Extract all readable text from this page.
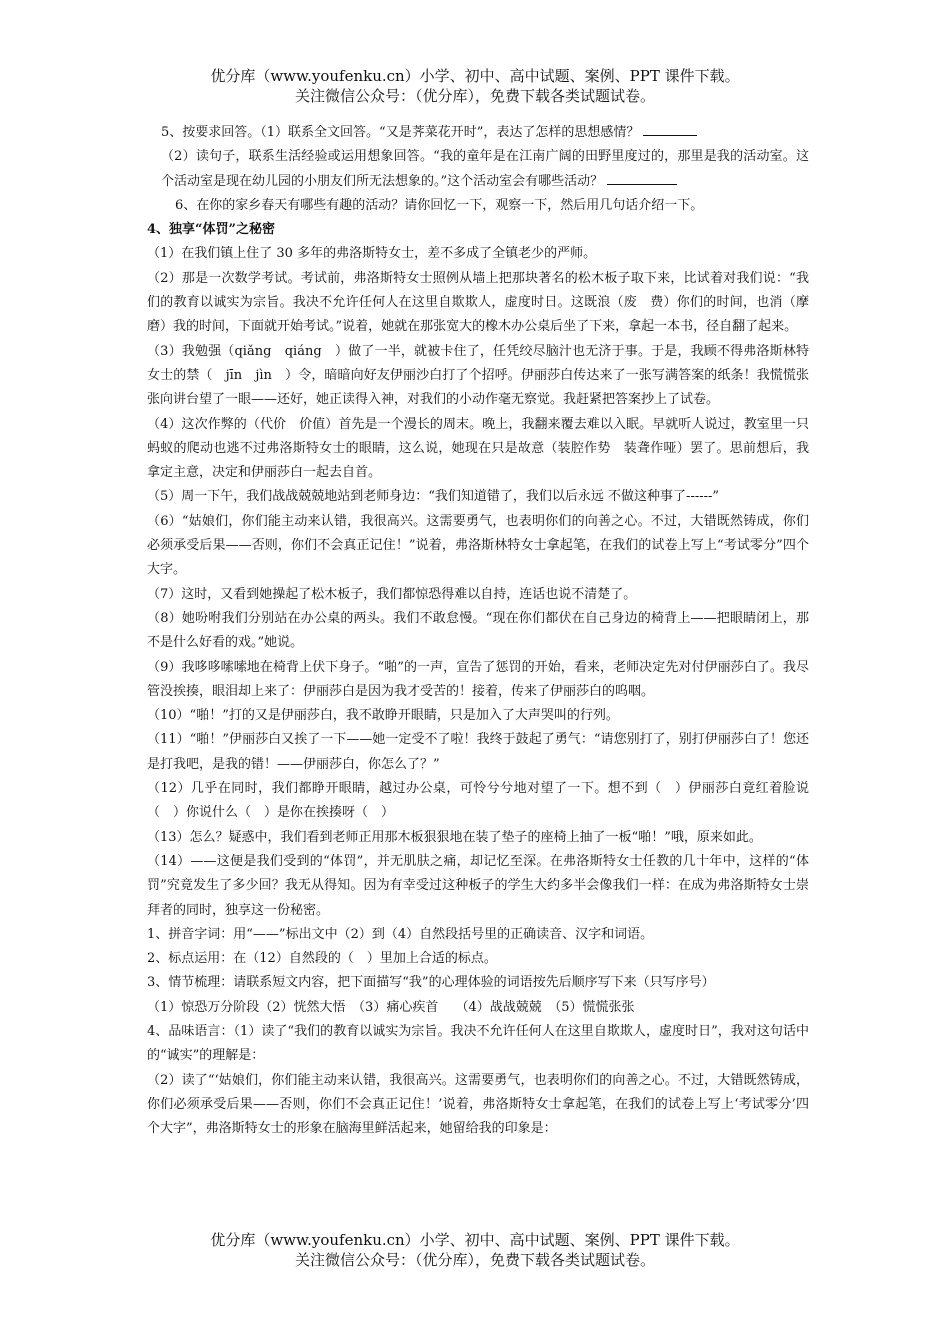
优分库（www.youfenku.cn）小学、初中、高中试题、案例、PPT 课件下载。
关注微信公众号：（优分库），免费下载各类试题试卷。

5、按要求回答。（1）联系全文回答。“又是荠菜花开时”，表达了怎样的思想感情？

（2）读句子，联系生活经验或运用想象回答。“我的童年是在江南广阔的田野里度过的，那里是我的活动室。这个活动室是现在幼儿园的小朋友们所无法想象的。”这个活动室会有哪些活动？

6、在你的家乡春天有哪些有趣的活动？请你回忆一下，观察一下，然后用几句话介绍一下。

4、独享“体罚”之秘密

（1）在我们镇上住了 30 多年的弗洛斯特女士，差不多成了全镇老少的严师。

（2）那是一次数学考试。考试前，弗洛斯特女士照例从墙上把那块著名的松木板子取下来，比试着对我们说：“我们的教育以诚实为宗旨。我决不允许任何人在这里自欺欺人，虚度时日。这既浪（废　费）你们的时间，也消（摩　磨）我的时间，下面就开始考试。”说着，她就在那张宽大的橡木办公桌后坐了下来，拿起一本书，径自翻了起来。

（3）我勉强（qiǎng　qiáng　）做了一半，就被卡住了，任凭绞尽脑汁也无济于事。于是，我顾不得弗洛斯林特女士的禁（　jīn　jìn　）令，暗暗向好友伊丽沙白打了个招呼。伊丽莎白传达来了一张写满答案的纸条！我慌慌张张向讲台望了一眼——还好，她正读得入神，对我们的小动作毫无察觉。我赶紧把答案抄上了试卷。

（4）这次作弊的（代价　价值）首先是一个漫长的周末。晚上，我翻来覆去难以入眠。早就听人说过，教室里一只蚂蚁的爬动也逃不过弗洛斯特女士的眼睛，这么说，她现在只是故意（装腔作势　装聋作哑）罢了。思前想后，我拿定主意，决定和伊丽莎白一起去自首。

（5）周一下午，我们战战兢兢地站到老师身边：“我们知道错了，我们以后永远 不做这种事了------”

（6）“姑娘们，你们能主动来认错，我很高兴。这需要勇气，也表明你们的向善之心。不过，大错既然铸成，你们必须承受后果——否则，你们不会真正记住！”说着，弗洛斯林特女士拿起笔，在我们的试卷上写上“考试零分”四个大字。

（7）这时，又看到她操起了松木板子，我们都惊恐得难以自持，连话也说不清楚了。

（8）她吩咐我们分别站在办公桌的两头。我们不敢怠慢。“现在你们都伏在自己身边的椅背上——把眼睛闭上，那不是什么好看的戏。”她说。

（9）我哆哆嗦嗦地在椅背上伏下身子。“啪”的一声，宣告了惩罚的开始，看来，老师决定先对付伊丽莎白了。我尽管没挨揍，眼泪却上来了：伊丽莎白是因为我才受苦的！接着，传来了伊丽莎白的呜咽。

（10）“啪！”打的又是伊丽莎白，我不敢睁开眼睛，只是加入了大声哭叫的行列。

（11）“啪！”伊丽莎白又挨了一下——她一定受不了啦！我终于鼓起了勇气：“请您别打了，别打伊丽莎白了！您还是打我吧，是我的错！——伊丽莎白，你怎么了？”

（12）几乎在同时，我们都睁开眼睛，越过办公桌，可怜兮兮地对望了一下。想不到（　）伊丽莎白竟红着脸说（　）你说什么（　）是你在挨揍呀（　）

（13）怎么？疑惑中，我们看到老师正用那木板狠狠地在装了垫子的座椅上抽了一板“啪！”哦，原来如此。

（14）——这便是我们受到的“体罚”，并无肌肤之痛，却记忆至深。在弗洛斯特女士任教的几十年中，这样的“体罚”究竟发生了多少回？我无从得知。因为有幸受过这种板子的学生大约多半会像我们一样：在成为弗洛斯特女士崇拜者的同时，独享这一份秘密。

1、拼音字词：用“——”标出文中（2）到（4）自然段括号里的正确读音、汉字和词语。

2、标点运用：在（12）自然段的（　）里加上合适的标点。

3、情节梳理：请联系短文内容，把下面描写“我”的心理体验的词语按先后顺序写下来（只写序号）

（1）惊恐万分阶段（2）恍然大悟　（3）痛心疾首　 （4）战战兢兢　（5）慌慌张张

4、品味语言：（1）读了“我们的教育以诚实为宗旨。我决不允许任何人在这里自欺欺人，虚度时日”，我对这句话中的“诚实”的理解是：

（2）读了“‘姑娘们，你们能主动来认错，我很高兴。这需要勇气，也表明你们的向善之心。不过，大错既然铸成，你们必须承受后果——否则，你们不会真正记住！’说着，弗洛斯特女士拿起笔，在我们的试卷上写上‘考试零分’四个大字”，弗洛斯特女士的形象在脑海里鲜活起来，她留给我的印象是：

优分库（www.youfenku.cn）小学、初中、高中试题、案例、PPT 课件下载。
关注微信公众号：（优分库），免费下载各类试题试卷。
